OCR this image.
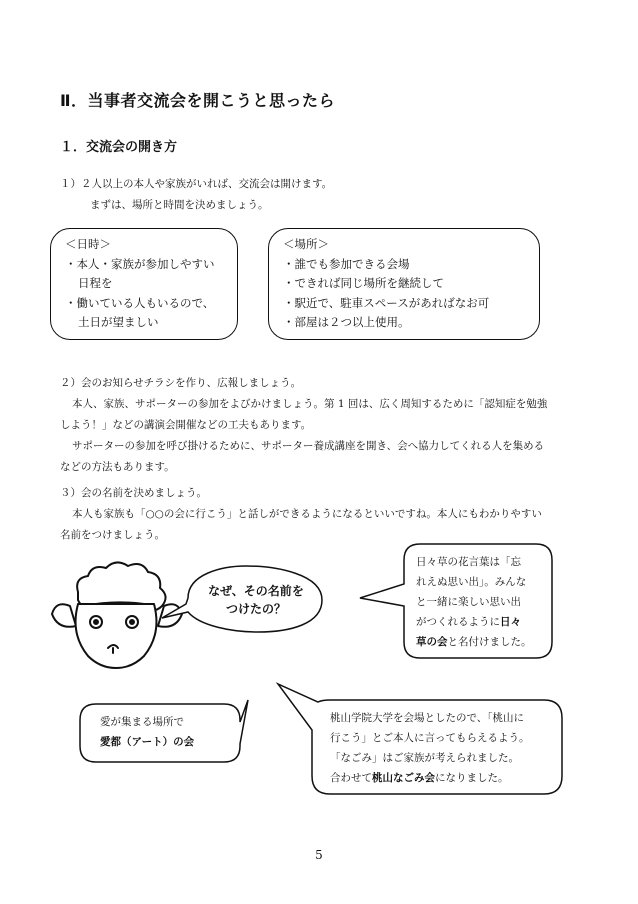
Ⅱ．当事者交流会を開こうと思ったら
１．交流会の開き方
１）２人以上の本人や家族がいれば、交流会は開けます。
まずは、場所と時間を決めましょう。
＜日時＞
・本人・家族が参加しやすい
日程を
・働いている人もいるので、
土日が望ましい
＜場所＞
・誰でも参加できる会場
・できれば同じ場所を継続して
・駅近で、駐車スペースがあればなお可
・部屋は２つ以上使用。
２）会のお知らせチラシを作り、広報しましょう。
本人、家族、サポーターの参加をよびかけましょう。第 1 回は、広く周知するために「認知症を勉強
しよう！」などの講演会開催などの工夫もあります。
サポーターの参加を呼び掛けるために、サポーター養成講座を開き、会へ協力してくれる人を集める
などの方法もあります。
３）会の名前を決めましょう。
本人も家族も「○○の会に行こう」と話しができるようになるといいですね。本人にもわかりやすい
名前をつけましょう。
なぜ、その名前を
つけたの？
日々草の花言葉は「忘
れえぬ思い出」。みんな
と一緒に楽しい思い出
がつくれるように日々
草の会と名付けました。
愛が集まる場所で
愛都（アート）の会
桃山学院大学を会場としたので、「桃山に
行こう」とご本人に言ってもらえるよう。
「なごみ」はご家族が考えられました。
合わせて桃山なごみ会になりました。
5
